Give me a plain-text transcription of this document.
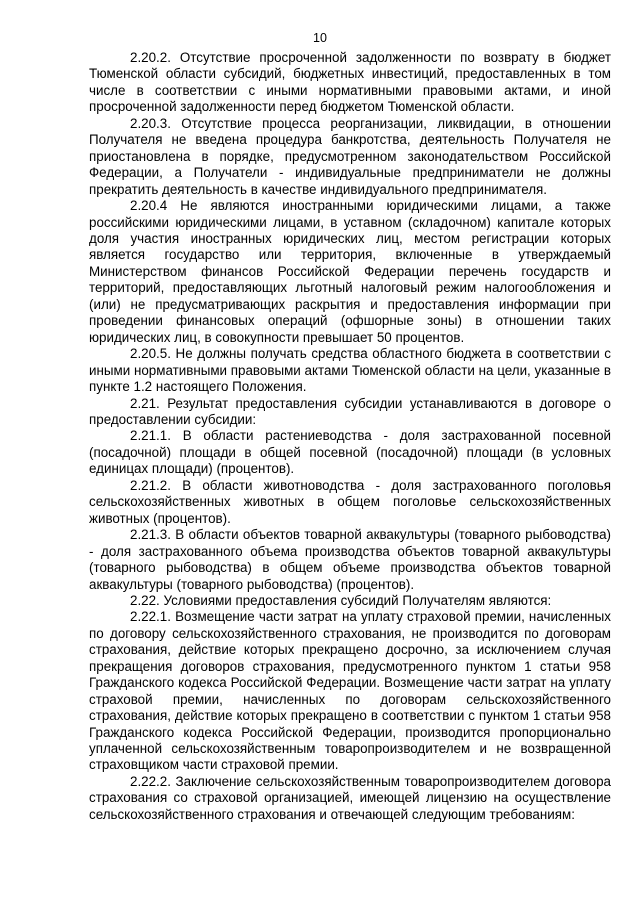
10

2.20.2. Отсутствие просроченной задолженности по возврату в бюджет Тюменской области субсидий, бюджетных инвестиций, предоставленных в том числе в соответствии с иными нормативными правовыми актами, и иной просроченной задолженности перед бюджетом Тюменской области.

2.20.3. Отсутствие процесса реорганизации, ликвидации, в отношении Получателя не введена процедура банкротства, деятельность Получателя не приостановлена в порядке, предусмотренном законодательством Российской Федерации, а Получатели - индивидуальные предприниматели не должны прекратить деятельность в качестве индивидуального предпринимателя.

2.20.4 Не являются иностранными юридическими лицами, а также российскими юридическими лицами, в уставном (складочном) капитале которых доля участия иностранных юридических лиц, местом регистрации которых является государство или территория, включенные в утверждаемый Министерством финансов Российской Федерации перечень государств и территорий, предоставляющих льготный налоговый режим налогообложения и (или) не предусматривающих раскрытия и предоставления информации при проведении финансовых операций (офшорные зоны) в отношении таких юридических лиц, в совокупности превышает 50 процентов.

2.20.5. Не должны получать средства областного бюджета в соответствии с иными нормативными правовыми актами Тюменской области на цели, указанные в пункте 1.2 настоящего Положения.

2.21. Результат предоставления субсидии устанавливаются в договоре о предоставлении субсидии:

2.21.1. В области растениеводства - доля застрахованной посевной (посадочной) площади в общей посевной (посадочной) площади (в условных единицах площади) (процентов).

2.21.2. В области животноводства - доля застрахованного поголовья сельскохозяйственных животных в общем поголовье сельскохозяйственных животных (процентов).

2.21.3. В области объектов товарной аквакультуры (товарного рыбоводства) - доля застрахованного объема производства объектов товарной аквакультуры (товарного рыбоводства) в общем объеме производства объектов товарной аквакультуры (товарного рыбоводства) (процентов).

2.22. Условиями предоставления субсидий Получателям являются:

2.22.1. Возмещение части затрат на уплату страховой премии, начисленных по договору сельскохозяйственного страхования, не производится по договорам страхования, действие которых прекращено досрочно, за исключением случая прекращения договоров страхования, предусмотренного пунктом 1 статьи 958 Гражданского кодекса Российской Федерации. Возмещение части затрат на уплату страховой премии, начисленных по договорам сельскохозяйственного страхования, действие которых прекращено в соответствии с пунктом 1 статьи 958 Гражданского кодекса Российской Федерации, производится пропорционально уплаченной сельскохозяйственным товаропроизводителем и не возвращенной страховщиком части страховой премии.

2.22.2. Заключение сельскохозяйственным товаропроизводителем договора страхования со страховой организацией, имеющей лицензию на осуществление сельскохозяйственного страхования и отвечающей следующим требованиям:
